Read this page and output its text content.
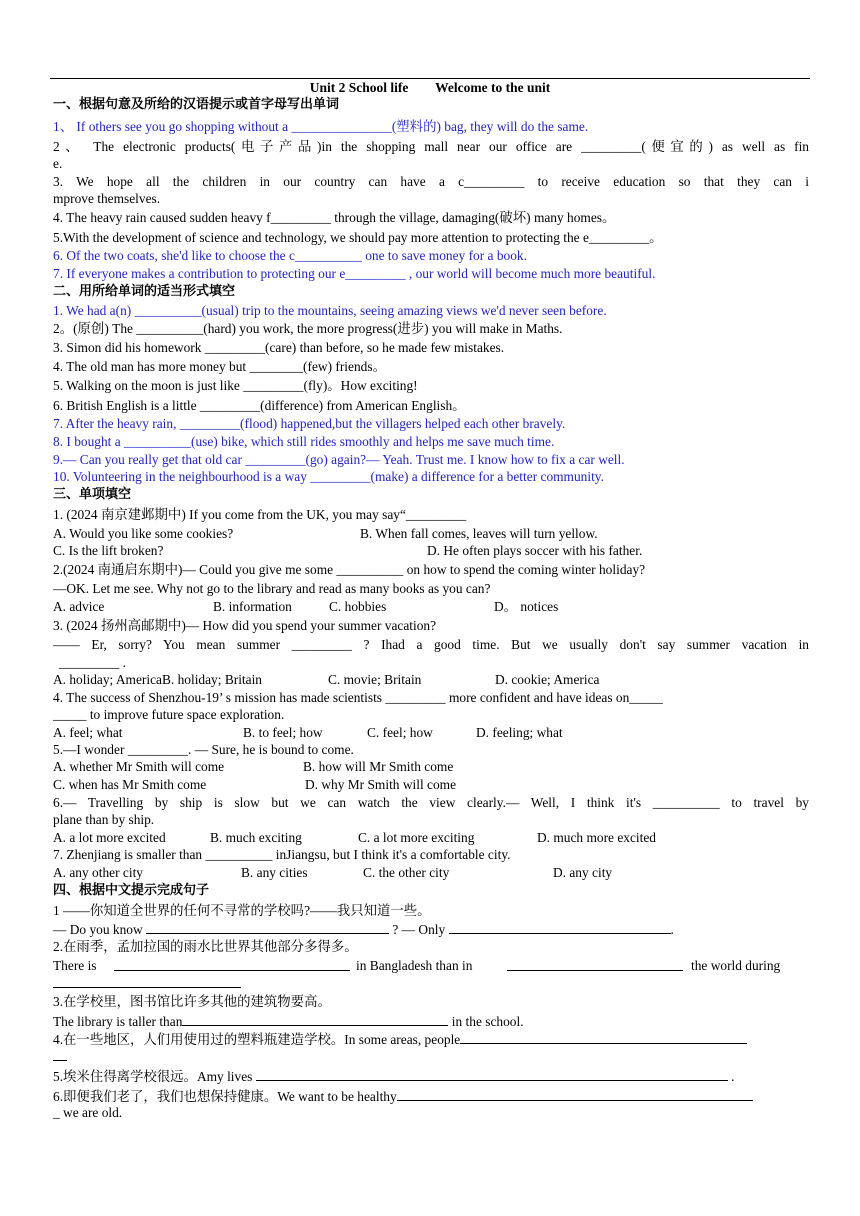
Unit 2 School life        Welcome to the unit
一、根据句意及所给的汉语提示或首字母写出单词
1、 If others see you go shopping without a _______________(塑料的) bag, they will do the same.
2、 The electronic products(电子产品)in the shopping mall near our office are _________(便宜的) as well as fin
e.
3. We hope all the children in our country can have a c_________ to receive education so that they can i
mprove themselves.
4. The heavy rain caused sudden heavy f_________ through the village, damaging(破坏) many homes。
5.With the development of science and technology, we should pay more attention to protecting the e_________。
6. Of the two coats, she'd like to choose the c__________ one to save money for a book.
7. If everyone makes a contribution to protecting our e_________ , our world will become much more beautiful.
二、用所给单词的适当形式填空
1. We had a(n) __________(usual) trip to the mountains, seeing amazing views we'd never seen before.
2。(原创) The __________(hard) you work, the more progress(进步) you will make in Maths.
3. Simon did his homework _________(care) than before, so he made few mistakes.
4. The old man has more money but ________(few) friends。
5. Walking on the moon is just like _________(fly)。How exciting!
6. British English is a little _________(difference) from American English。
7. After the heavy rain, _________(flood) happened,but the villagers helped each other bravely.
8. I bought a __________(use) bike, which still rides smoothly and helps me save much time.
9.— Can you really get that old car _________(go) again?— Yeah. Trust me. I know how to fix a car well.
10. Volunteering in the neighbourhood is a way _________(make) a difference for a better community.
三、单项填空
1. (2024 南京建邺期中) If you come from the UK, you may say“_________
A. Would you like some cookies?	B. When fall comes, leaves will turn yellow.
C. Is the lift broken?	D. He often plays soccer with his father.
2.(2024 南通启东期中)— Could you give me some __________ on how to spend the coming winter holiday?
—OK. Let me see. Why not go to the library and read as many books as you can?
A. advice	B. information	C. hobbies	D。 notices
3. (2024 扬州高邮期中)— How did you spend your summer vacation?
—— Er, sorry? You mean summer _________ ? Ihad a good time. But we usually don't say summer vacation in
_________ .
A. holiday; AmericaB. holiday; Britain	C. movie; Britain	D. cookie; America
4. The success of Shenzhou-19’ s mission has made scientists _________ more confident and have ideas on_____
_____ to improve future space exploration.
A. feel; what	B. to feel; how	C. feel; how	D. feeling; what
5.—I wonder _________. — Sure, he is bound to come.
A. whether Mr Smith will come	B. how will Mr Smith come
C. when has Mr Smith come	D. why Mr Smith will come
6.— Travelling by ship is slow but we can watch the view clearly.— Well, I think it's __________ to travel by
plane than by ship.
A. a lot more excited	B. much exciting	C. a lot more exciting	D. much more excited
7. Zhenjiang is smaller than __________ inJiangsu, but I think it's a comfortable city.
A. any other city	B. any cities	C. the other city	D. any city
四、根据中文提示完成句子
1 ——你知道全世界的任何不寻常的学校吗?——我只知道一些。
— Do you know	? — Only	.
2.在雨季，孟加拉国的雨水比世界其他部分多得多。
There is	in Bangladesh than in	the world during
3.在学校里，图书馆比许多其他的建筑物要高。
The library is taller than	in the school.
4.在一些地区，人们用使用过的塑料瓶建造学校。In some areas, people
5.埃米住得离学校很远。Amy lives	.
6.即便我们老了，我们也想保持健康。We want to be healthy
_ we are old.
